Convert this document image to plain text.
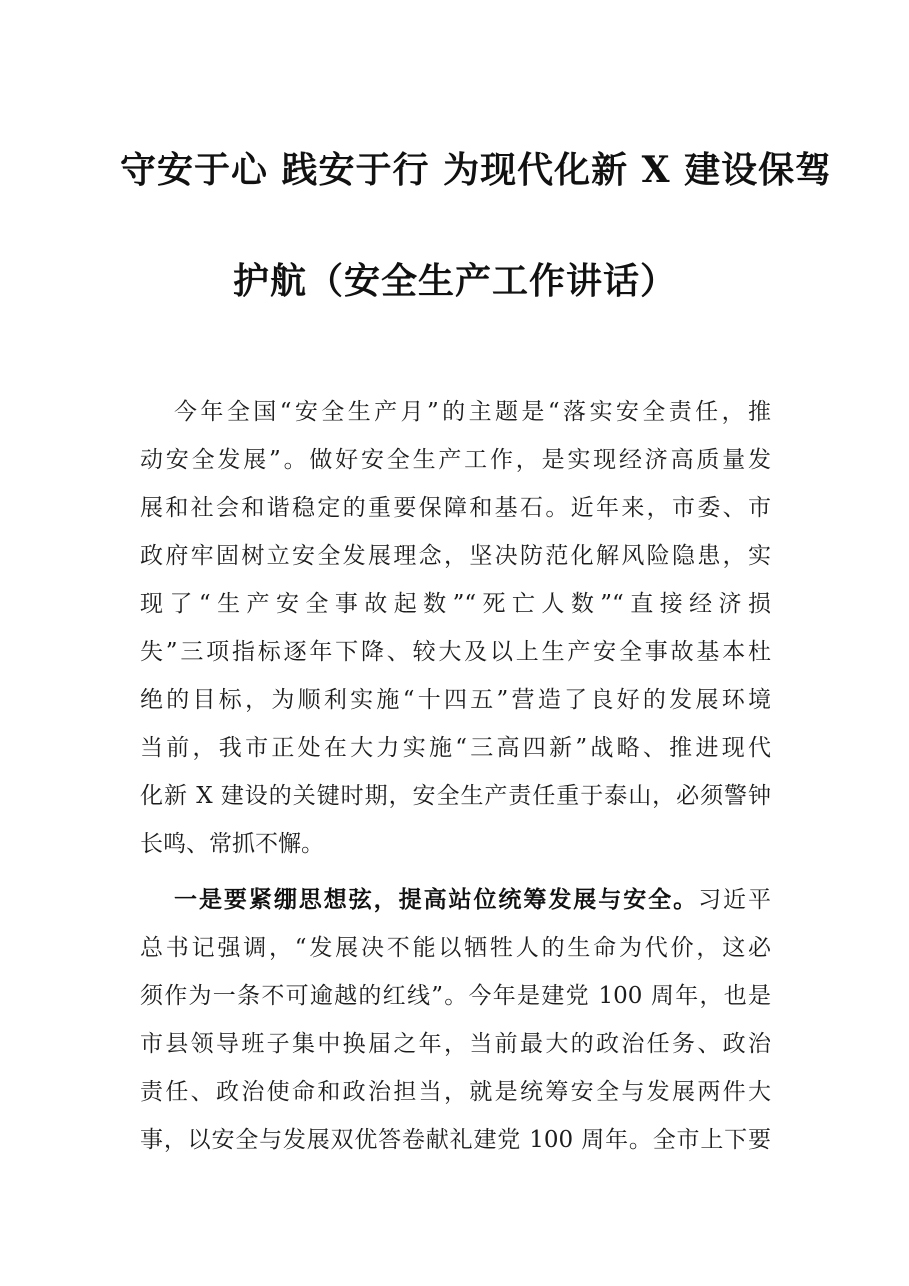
守安于心 践安于行 为现代化新 X 建设保驾
护航（安全生产工作讲话）
今年全国“安全生产月”的主题是“落实安全责任，推
动安全发展”。做好安全生产工作，是实现经济高质量发
展和社会和谐稳定的重要保障和基石。近年来，市委、市
政府牢固树立安全发展理念，坚决防范化解风险隐患，实
现了“生产安全事故起数”“死亡人数”“直接经济损
失”三项指标逐年下降、较大及以上生产安全事故基本杜
绝的目标，为顺利实施“十四五”营造了良好的发展环境
当前，我市正处在大力实施“三高四新”战略、推进现代
化新 X 建设的关键时期，安全生产责任重于泰山，必须警钟
长鸣、常抓不懈。
一是要紧绷思想弦，提高站位统筹发展与安全。习近平
总书记强调，“发展决不能以牺牲人的生命为代价，这必
须作为一条不可逾越的红线”。今年是建党 100 周年，也是
市县领导班子集中换届之年，当前最大的政治任务、政治
责任、政治使命和政治担当，就是统筹安全与发展两件大
事，以安全与发展双优答卷献礼建党 100 周年。全市上下要
